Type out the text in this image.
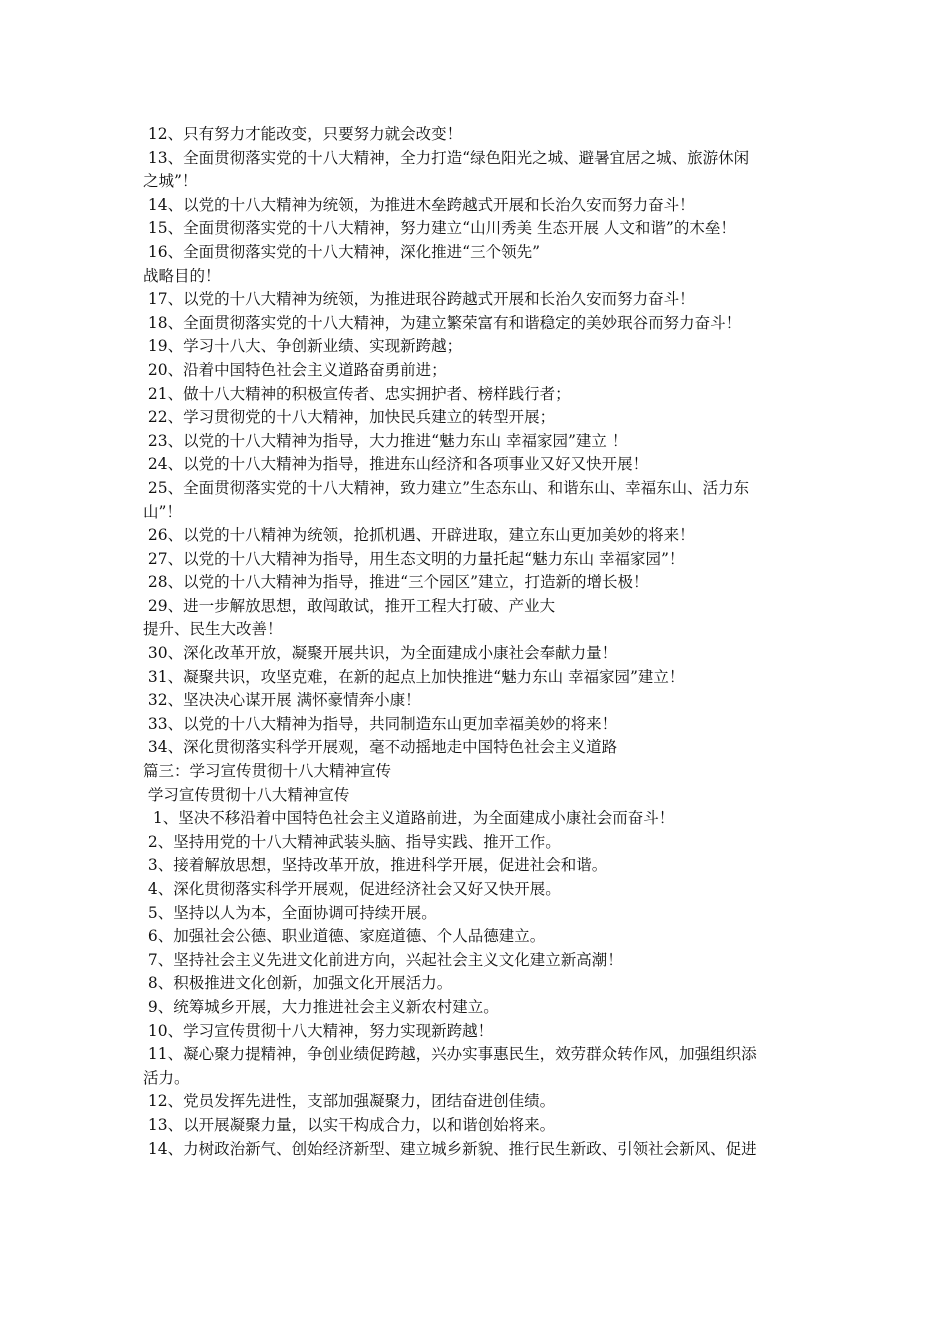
12、只有努力才能改变，只要努力就会改变！
13、全面贯彻落实党的十八大精神，全力打造“绿色阳光之城、避暑宜居之城、旅游休闲
之城”！
14、以党的十八大精神为统领，为推进木垒跨越式开展和长治久安而努力奋斗！
15、全面贯彻落实党的十八大精神，努力建立“山川秀美 生态开展 人文和谐”的木垒！
16、全面贯彻落实党的十八大精神，深化推进“三个领先”
战略目的！
17、以党的十八大精神为统领，为推进珉谷跨越式开展和长治久安而努力奋斗！
18、全面贯彻落实党的十八大精神，为建立繁荣富有和谐稳定的美妙珉谷而努力奋斗！
19、学习十八大、争创新业绩、实现新跨越；
20、沿着中国特色社会主义道路奋勇前进；
21、做十八大精神的积极宣传者、忠实拥护者、榜样践行者；
22、学习贯彻党的十八大精神，加快民兵建立的转型开展；
23、以党的十八大精神为指导，大力推进“魅力东山 幸福家园”建立 ！
24、以党的十八大精神为指导，推进东山经济和各项事业又好又快开展！
25、全面贯彻落实党的十八大精神，致力建立”生态东山、和谐东山、幸福东山、活力东
山”！
26、以党的十八精神为统领，抢抓机遇、开辟进取，建立东山更加美妙的将来！
27、以党的十八大精神为指导，用生态文明的力量托起“魅力东山 幸福家园”！
28、以党的十八大精神为指导，推进“三个园区”建立，打造新的增长极！
29、进一步解放思想，敢闯敢试，推开工程大打破、产业大
提升、民生大改善！
30、深化改革开放，凝聚开展共识，为全面建成小康社会奉献力量！
31、凝聚共识，攻坚克难，在新的起点上加快推进“魅力东山 幸福家园”建立！
32、坚决决心谋开展 满怀豪情奔小康！
33、以党的十八大精神为指导，共同制造东山更加幸福美妙的将来！
34、深化贯彻落实科学开展观，毫不动摇地走中国特色社会主义道路
篇三：学习宣传贯彻十八大精神宣传
学习宣传贯彻十八大精神宣传
1、坚决不移沿着中国特色社会主义道路前进，为全面建成小康社会而奋斗！
2、坚持用党的十八大精神武装头脑、指导实践、推开工作。
3、接着解放思想，坚持改革开放，推进科学开展，促进社会和谐。
4、深化贯彻落实科学开展观，促进经济社会又好又快开展。
5、坚持以人为本，全面协调可持续开展。
6、加强社会公德、职业道德、家庭道德、个人品德建立。
7、坚持社会主义先进文化前进方向，兴起社会主义文化建立新高潮！
8、积极推进文化创新，加强文化开展活力。
9、统筹城乡开展，大力推进社会主义新农村建立。
10、学习宣传贯彻十八大精神，努力实现新跨越！
11、凝心聚力提精神，争创业绩促跨越，兴办实事惠民生，效劳群众转作风，加强组织添
活力。
12、党员发挥先进性，支部加强凝聚力，团结奋进创佳绩。
13、以开展凝聚力量，以实干构成合力，以和谐创始将来。
14、力树政治新气、创始经济新型、建立城乡新貌、推行民生新政、引领社会新风、促进
